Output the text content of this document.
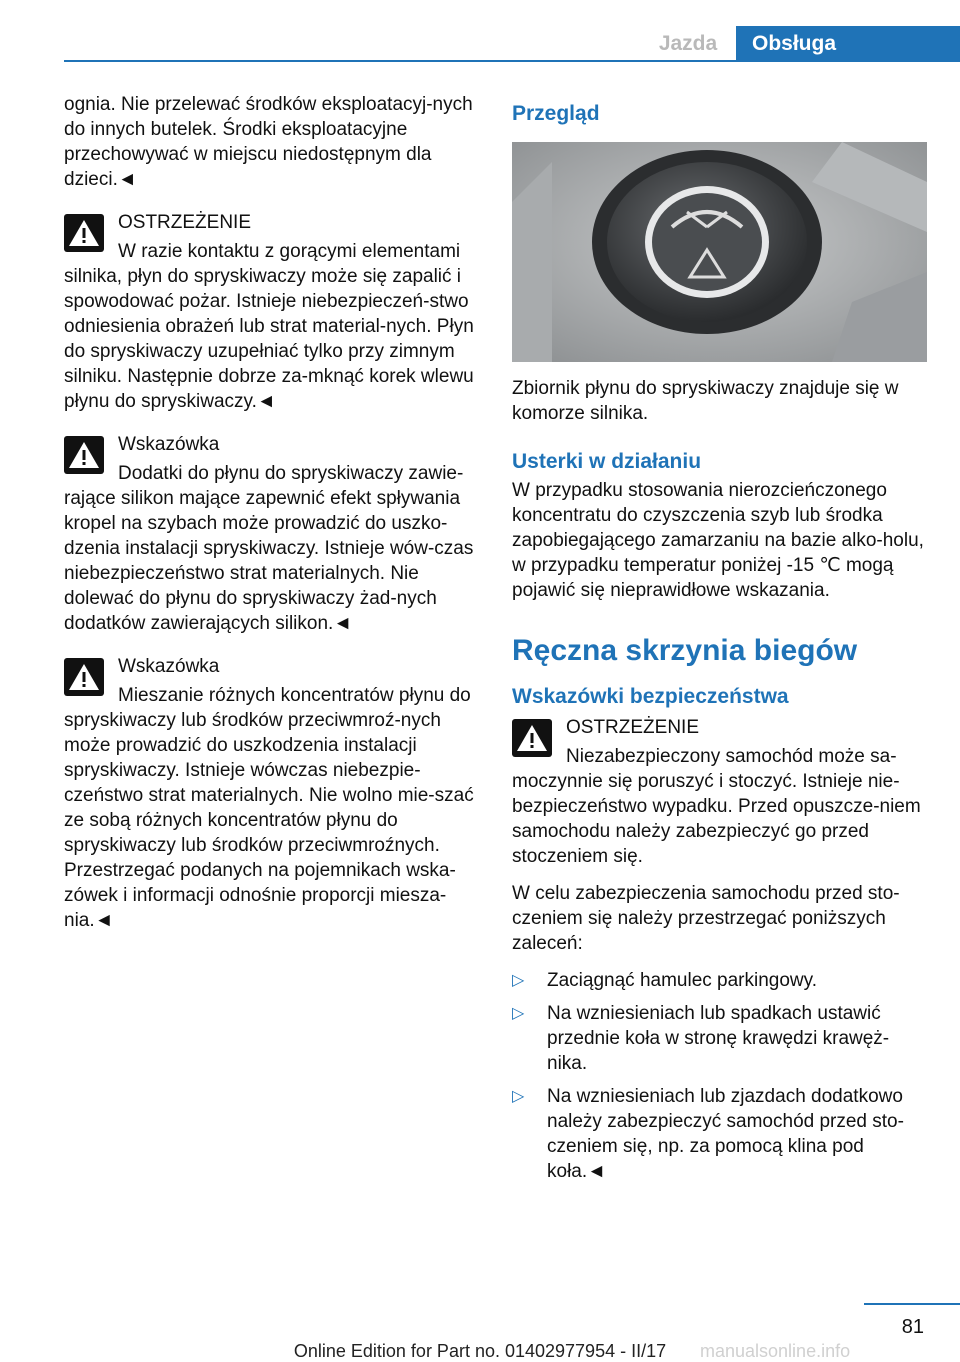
Jazda	Obsługa

ognia. Nie przelewać środków eksploatacyj-nych do innych butelek. Środki eksploatacyjne przechowywać w miejscu niedostępnym dla dzieci.◄

OSTRZEŻENIE

W razie kontaktu z gorącymi elementami silnika, płyn do spryskiwaczy może się zapalić i spowodować pożar. Istnieje niebezpieczeń-stwo odniesienia obrażeń lub strat material-nych. Płyn do spryskiwaczy uzupełniać tylko przy zimnym silniku. Następnie dobrze za-mknąć korek wlewu płynu do spryskiwaczy.◄

Wskazówka

Dodatki do płynu do spryskiwaczy zawie-rające silikon mające zapewnić efekt spływania kropel na szybach może prowadzić do uszko-dzenia instalacji spryskiwaczy. Istnieje wów-czas niebezpieczeństwo strat materialnych. Nie dolewać do płynu do spryskiwaczy żad-nych dodatków zawierających silikon.◄

Wskazówka

Mieszanie różnych koncentratów płynu do spryskiwaczy lub środków przeciwmroź-nych może prowadzić do uszkodzenia instalacji spryskiwaczy. Istnieje wówczas niebezpie-czeństwo strat materialnych. Nie wolno mie-szać ze sobą różnych koncentratów płynu do spryskiwaczy lub środków przeciwmroźnych. Przestrzegać podanych na pojemnikach wska-zówek i informacji odnośnie proporcji miesza-nia.◄

Przegląd

Zbiornik płynu do spryskiwaczy znajduje się w komorze silnika.

Usterki w działaniu

W przypadku stosowania nierozcieńczonego koncentratu do czyszczenia szyb lub środka zapobiegającego zamarzaniu na bazie alko-holu, w przypadku temperatur poniżej -15 ℃ mogą pojawić się nieprawidłowe wskazania.

Ręczna skrzynia biegów
Wskazówki bezpieczeństwa
OSTRZEŻENIE

Niezabezpieczony samochód może sa-moczynnie się poruszyć i stoczyć. Istnieje nie-bezpieczeństwo wypadku. Przed opuszcze-niem samochodu należy zabezpieczyć go przed stoczeniem się.

W celu zabezpieczenia samochodu przed sto-czeniem się należy przestrzegać poniższych zaleceń:

▷ Zaciągnąć hamulec parkingowy.
▷ Na wzniesieniach lub spadkach ustawić przednie koła w stronę krawędzi krawęż-nika.
▷ Na wzniesieniach lub zjazdach dodatkowo należy zabezpieczyć samochód przed sto-czeniem się, np. za pomocą klina pod koła.◄
81
manualsonline.info
Online Edition for Part no. 01402977954 - II/17
